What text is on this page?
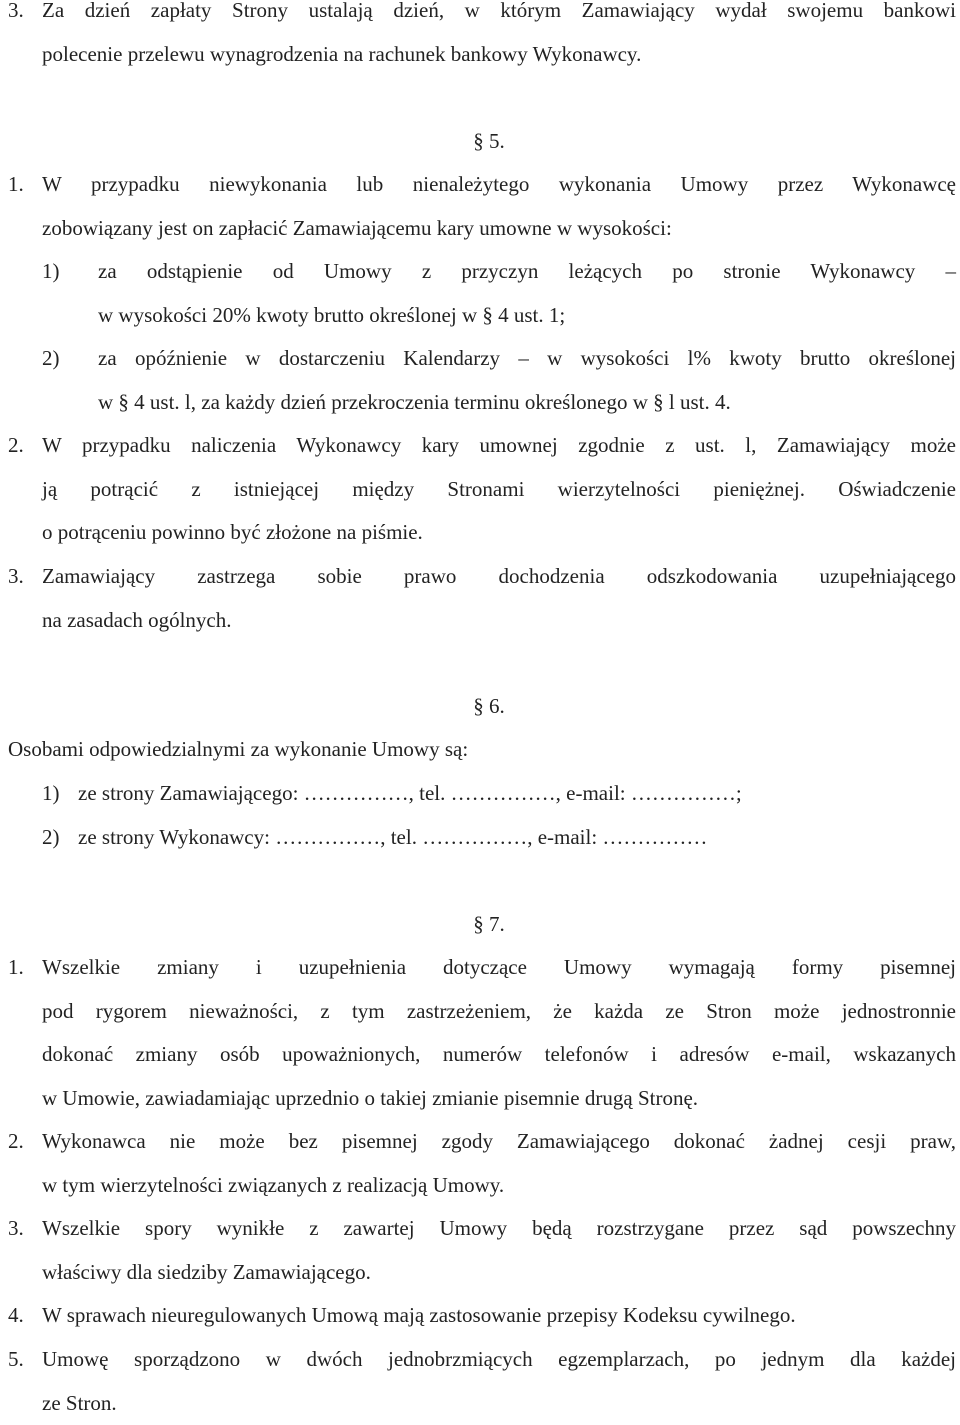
3. Za dzień zapłaty Strony ustalają dzień, w którym Zamawiający wydał swojemu bankowi
polecenie przelewu wynagrodzenia na rachunek bankowy Wykonawcy.
§ 5.
1. W przypadku niewykonania lub nienależytego wykonania Umowy przez Wykonawcę
zobowiązany jest on zapłacić Zamawiającemu kary umowne w wysokości:
1) za odstąpienie od Umowy z przyczyn leżących po stronie Wykonawcy –
w wysokości 20% kwoty brutto określonej w § 4 ust. 1;
2) za opóźnienie w dostarczeniu Kalendarzy – w wysokości l% kwoty brutto określonej
w § 4 ust. l, za każdy dzień przekroczenia terminu określonego w § l ust. 4.
2. W przypadku naliczenia Wykonawcy kary umownej zgodnie z ust. l, Zamawiający może
ją potrącić z istniejącej między Stronami wierzytelności pieniężnej. Oświadczenie
o potrąceniu powinno być złożone na piśmie.
3. Zamawiający zastrzega sobie prawo dochodzenia odszkodowania uzupełniającego
na zasadach ogólnych.
§ 6.
Osobami odpowiedzialnymi za wykonanie Umowy są:
1) ze strony Zamawiającego: ……………, tel. ……………, e-mail: ……………;
2) ze strony Wykonawcy: ……………, tel. ……………, e-mail: ……………
§ 7.
1. Wszelkie zmiany i uzupełnienia dotyczące Umowy wymagają formy pisemnej
pod rygorem nieważności, z tym zastrzeżeniem, że każda ze Stron może jednostronnie
dokonać zmiany osób upoważnionych, numerów telefonów i adresów e-mail, wskazanych
w Umowie, zawiadamiając uprzednio o takiej zmianie pisemnie drugą Stronę.
2. Wykonawca nie może bez pisemnej zgody Zamawiającego dokonać żadnej cesji praw,
w tym wierzytelności związanych z realizacją Umowy.
3. Wszelkie spory wynikłe z zawartej Umowy będą rozstrzygane przez sąd powszechny
właściwy dla siedziby Zamawiającego.
4. W sprawach nieuregulowanych Umową mają zastosowanie przepisy Kodeksu cywilnego.
5. Umowę sporządzono w dwóch jednobrzmiących egzemplarzach, po jednym dla każdej
ze Stron.
